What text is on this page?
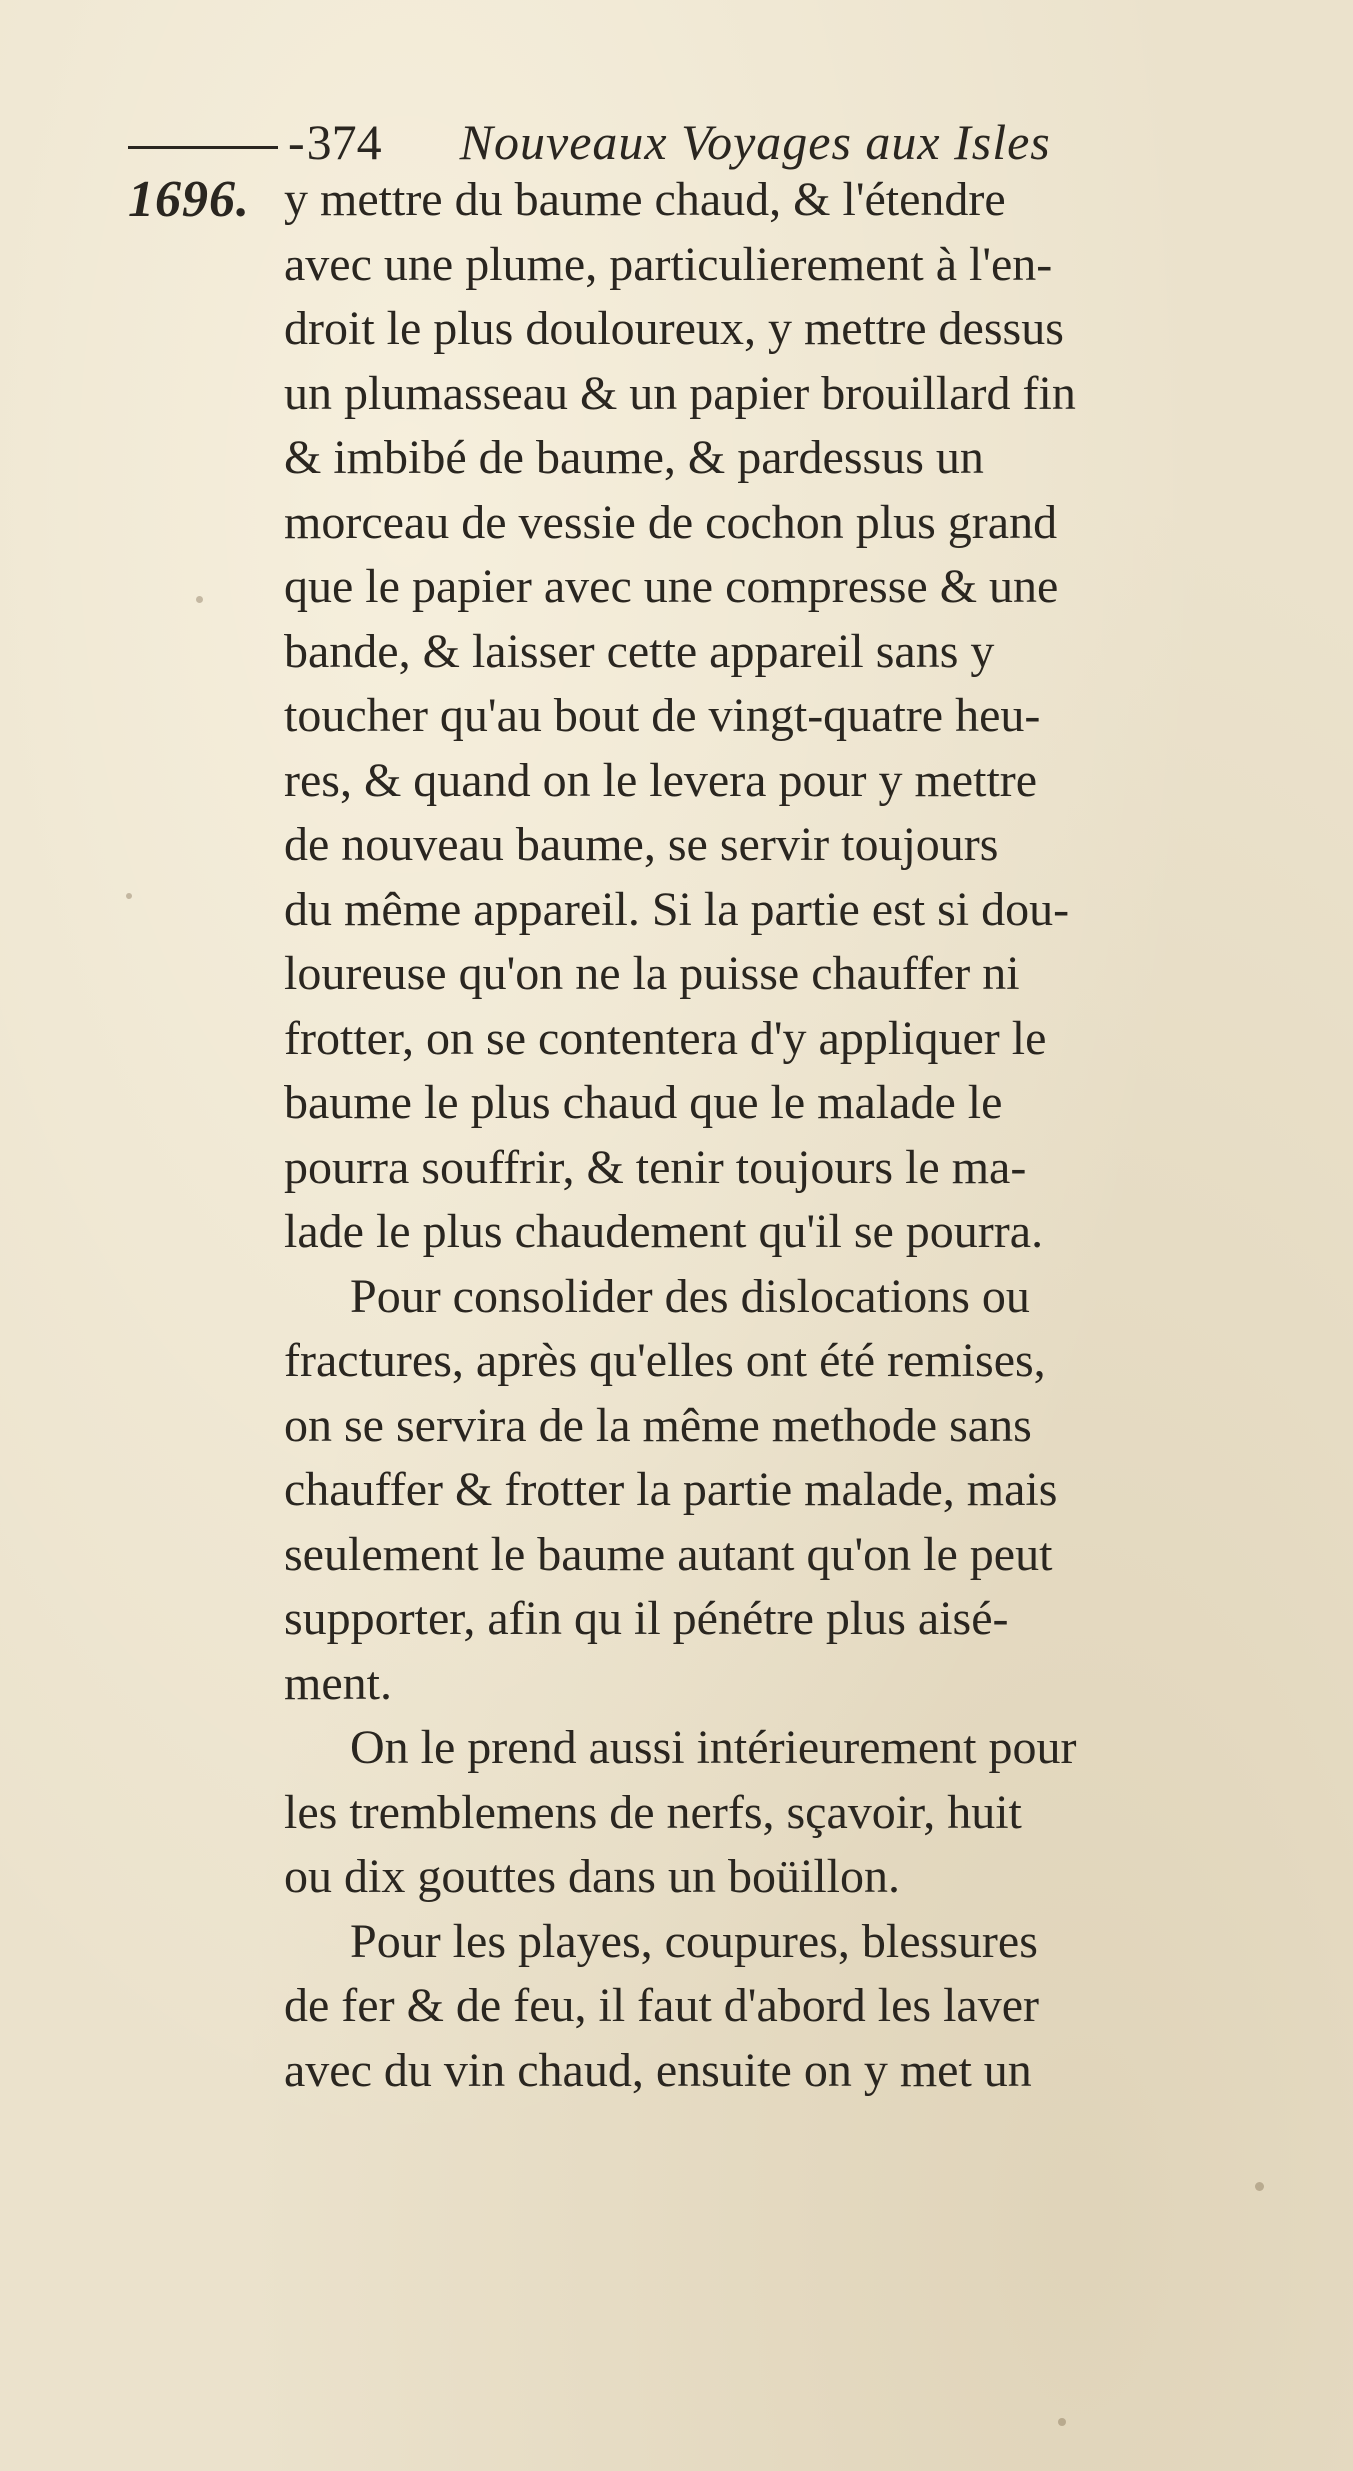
-374 Nouveaux Voyages aux Isles
1696. y mettre du baume chaud, & l'étendre
avec une plume, particulierement à l'en-
droit le plus douloureux, y mettre dessus
un plumasseau & un papier brouillard fin
& imbibé de baume, & pardessus un
morceau de vessie de cochon plus grand
que le papier avec une compresse & une
bande, & laisser cette appareil sans y
toucher qu'au bout de vingt-quatre heu-
res, & quand on le levera pour y mettre
de nouveau baume, se servir toujours
du même appareil. Si la partie est si dou-
loureuse qu'on ne la puisse chauffer ni
frotter, on se contentera d'y appliquer le
baume le plus chaud que le malade le
pourra souffrir, & tenir toujours le ma-
lade le plus chaudement qu'il se pourra.
Pour consolider des dislocations ou
fractures, après qu'elles ont été remises,
on se servira de la même methode sans
chauffer & frotter la partie malade, mais
seulement le baume autant qu'on le peut
supporter, afin qu il pénétre plus aisé-
ment.
On le prend aussi intérieurement pour
les tremblemens de nerfs, sçavoir, huit
ou dix gouttes dans un boüillon.
Pour les playes, coupures, blessures
de fer & de feu, il faut d'abord les laver
avec du vin chaud, ensuite on y met un
